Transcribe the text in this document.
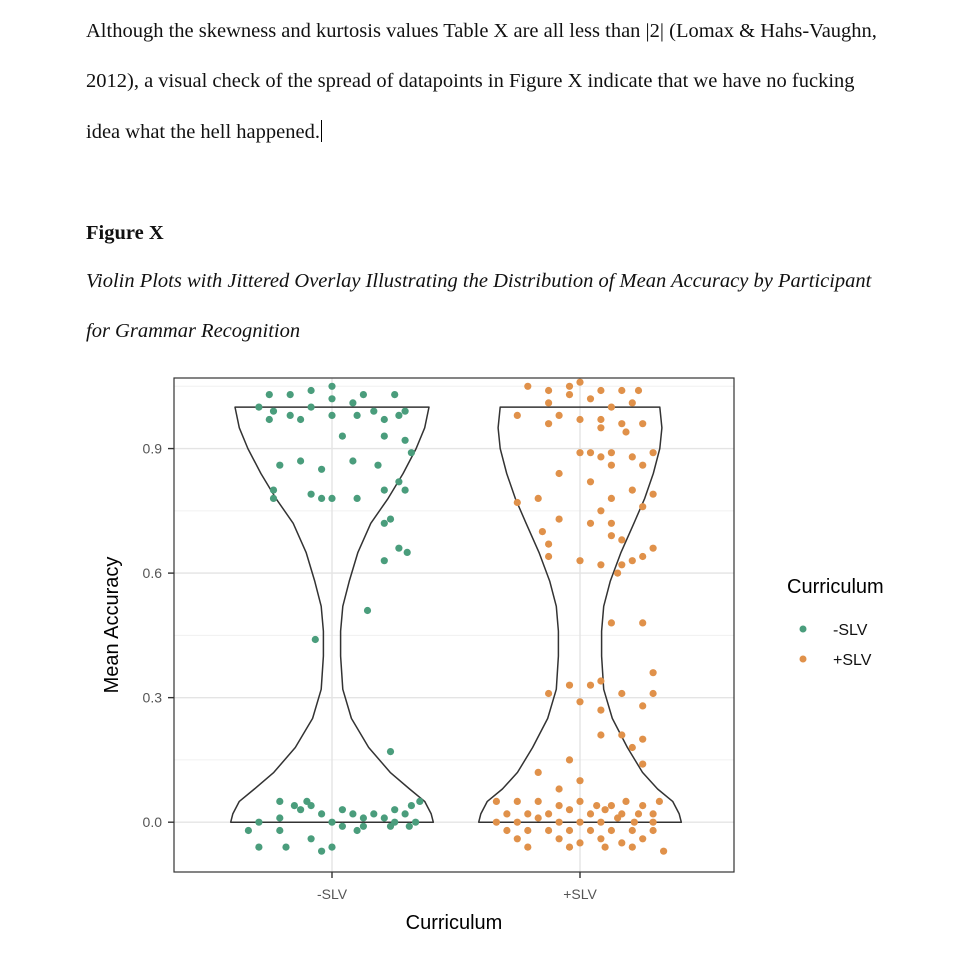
Although the skewness and kurtosis values Table X are all less than |2| (Lomax & Hahs-Vaughn,
2012), a visual check of the spread of datapoints in Figure X indicate that we have no fucking
idea what the hell happened.
Figure X
Violin Plots with Jittered Overlay Illustrating the Distribution of Mean Accuracy by Participant
for Grammar Recognition
0.0
0.3
0.6
0.9
-SLV	+SLV
Mean Accuracy
Curriculum
Curriculum
-SLV
+SLV
